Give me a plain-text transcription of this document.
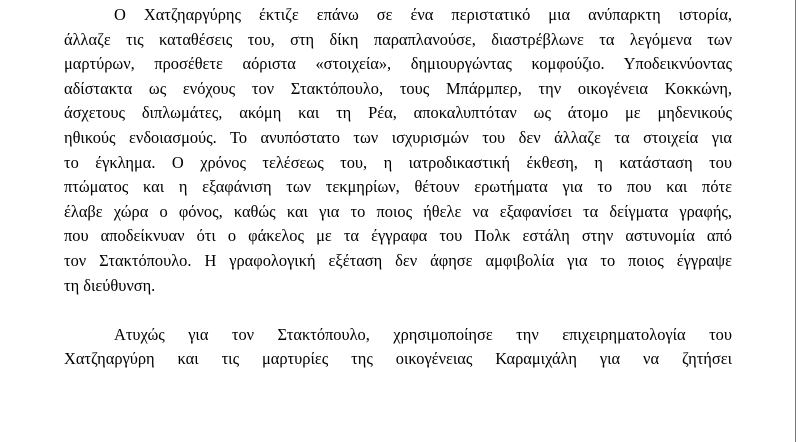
Ο Χατζηαργύρης έκτιζε επάνω σε ένα περιστατικό μια ανύπαρκτη ιστορία,
άλλαζε τις καταθέσεις του, στη δίκη παραπλανούσε, διαστρέβλωνε τα λεγόμενα των
μαρτύρων, προσέθετε αόριστα «στοιχεία», δημιουργώντας κομφούζιο. Υποδεικνύοντας
αδίστακτα ως ενόχους τον Στακτόπουλο, τους Μπάρμπερ, την οικογένεια Κοκκώνη,
άσχετους διπλωμάτες, ακόμη και τη Ρέα, αποκαλυπτόταν ως άτομο με μηδενικούς
ηθικούς ενδοιασμούς. Το ανυπόστατο των ισχυρισμών του δεν άλλαζε τα στοιχεία για
το έγκλημα. Ο χρόνος τελέσεως του, η ιατροδικαστική έκθεση, η κατάσταση του
πτώματος και η εξαφάνιση των τεκμηρίων, θέτουν ερωτήματα για το που και πότε
έλαβε χώρα ο φόνος, καθώς και για το ποιος ήθελε να εξαφανίσει τα δείγματα γραφής,
που αποδείκνυαν ότι ο φάκελος με τα έγγραφα του Πολκ εστάλη στην αστυνομία από
τον Στακτόπουλο. Η γραφολογική εξέταση δεν άφησε αμφιβολία για το ποιος έγγραψε
τη διεύθυνση.
Ατυχώς για τον Στακτόπουλο, χρησιμοποίησε την επιχειρηματολογία του
Χατζηαργύρη και τις μαρτυρίες της οικογένειας Καραμιχάλη για να ζητήσει
